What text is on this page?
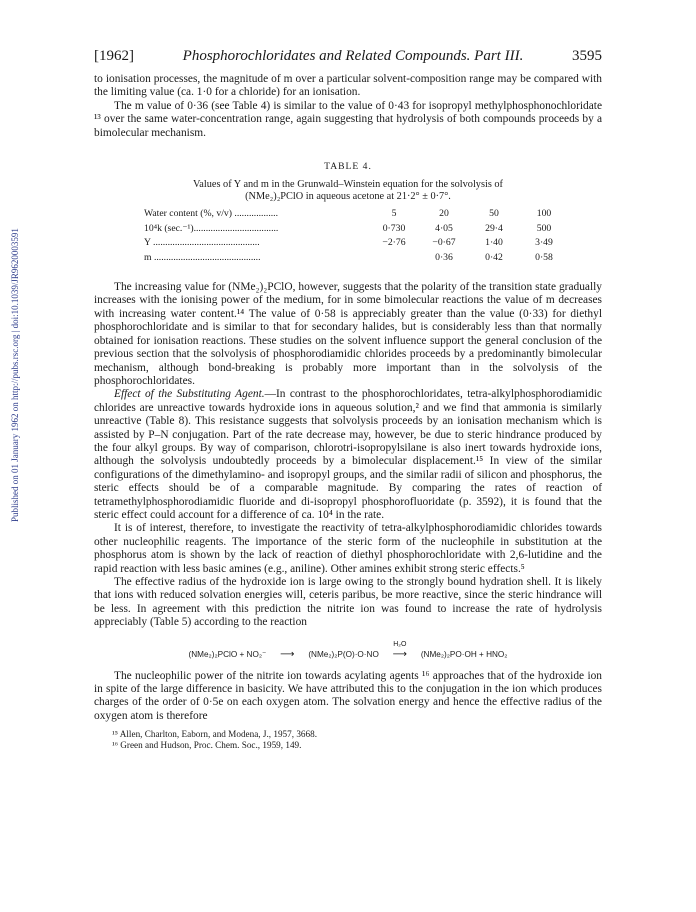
Published on 01 January 1962 on http://pubs.rsc.org | doi:10.1039/JR9620003591
[1962]	Phosphorochloridates and Related Compounds. Part III.	3595

to ionisation processes, the magnitude of m over a particular solvent-composition range may be compared with the limiting value (ca. 1·0 for a chloride) for an ionisation.

The m value of 0·36 (see Table 4) is similar to the value of 0·43 for isopropyl methylphosphonochloridate ¹³ over the same water-concentration range, again suggesting that hydrolysis of both compounds proceeds by a bimolecular mechanism.

TABLE 4.
Values of Y and m in the Grunwald–Winstein equation for the solvolysis of
(NMe₂)₂PClO in aqueous acetone at 21·2° ± 0·7°.
Water content (%, v/v) ..................	5	20	50	100
10⁴k (sec.⁻¹)...................................	0·730	4·05	29·4	500
Y ............................................	−2·76	−0·67	1·40	3·49
m ............................................		0·36	0·42	0·58

The increasing value for (NMe₂)₂PClO, however, suggests that the polarity of the transition state gradually increases with the ionising power of the medium, for in some bimolecular reactions the value of m decreases with increasing water content.¹⁴ The value of 0·58 is appreciably greater than the value (0·33) for diethyl phosphorochloridate and is similar to that for secondary halides, but is considerably less than that normally obtained for ionisation reactions. These studies on the solvent influence support the general conclusion of the previous section that the solvolysis of phosphorodiamidic chlorides proceeds by a predominantly bimolecular mechanism, although bond-breaking is probably more important than in the solvolysis of the phosphorochloridates.

Effect of the Substituting Agent.—In contrast to the phosphorochloridates, tetra-alkylphosphorodiamidic chlorides are unreactive towards hydroxide ions in aqueous solution,² and we find that ammonia is similarly unreactive (Table 8). This resistance suggests that solvolysis proceeds by an ionisation mechanism which is assisted by P–N conjugation. Part of the rate decrease may, however, be due to steric hindrance produced by the four alkyl groups. By way of comparison, chlorotri-isopropylsilane is also inert towards hydroxide ions, although the solvolysis undoubtedly proceeds by a bimolecular displacement.¹⁵ In view of the similar configurations of the dimethylamino- and isopropyl groups, and the similar radii of silicon and phosphorus, the steric effects should be of a comparable magnitude. By comparing the rates of reaction of tetramethylphosphorodiamidic fluoride and di-isopropyl phosphorofluoridate (p. 3592), it is found that the steric effect could account for a difference of ca. 10⁴ in the rate.

It is of interest, therefore, to investigate the reactivity of tetra-alkylphosphorodiamidic chlorides towards other nucleophilic reagents. The importance of the steric form of the nucleophile in substitution at the phosphorus atom is shown by the lack of reaction of diethyl phosphorochloridate with 2,6-lutidine and the rapid reaction with less basic amines (e.g., aniline). Other amines exhibit strong steric effects.⁵

The effective radius of the hydroxide ion is large owing to the strongly bound hydration shell. It is likely that ions with reduced solvation energies will, ceteris paribus, be more reactive, since the steric hindrance will be less. In agreement with this prediction the nitrite ion was found to increase the rate of hydrolysis appreciably (Table 5) according to the reaction

(NMe₂)₂PClO + NO₂⁻	⟶	(NMe₂)₂P(O)·O·NO
H₂O
⟶	(NMe₂)₂PO·OH + HNO₂

The nucleophilic power of the nitrite ion towards acylating agents ¹⁶ approaches that of the hydroxide ion in spite of the large difference in basicity. We have attributed this to the conjugation in the ion which produces charges of the order of 0·5e on each oxygen atom. The solvation energy and hence the effective radius of the oxygen atom is therefore

¹⁵ Allen, Charlton, Eaborn, and Modena, J., 1957, 3668.
¹⁶ Green and Hudson, Proc. Chem. Soc., 1959, 149.
